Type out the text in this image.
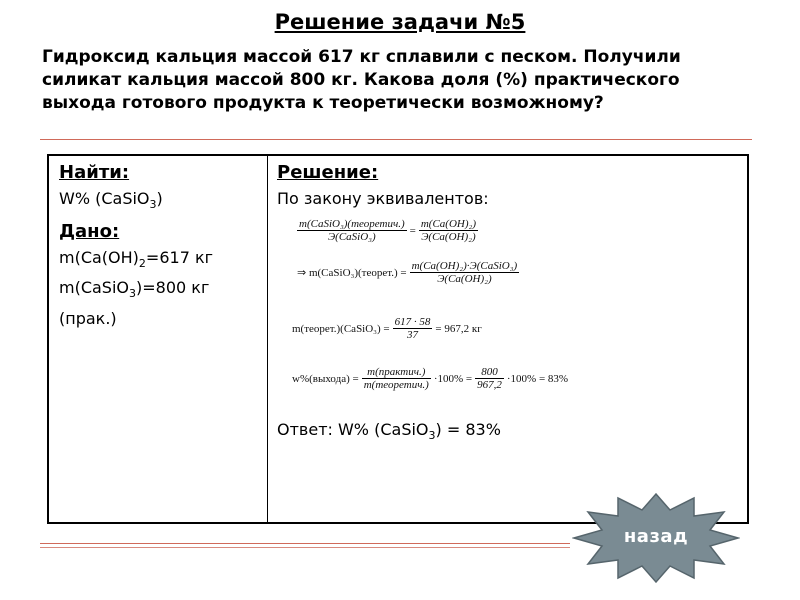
Решение задачи №5
Гидроксид кальция массой 617 кг сплавили с песком. Получили силикат кальция массой 800 кг. Какова доля (%) практического выхода готового продукта к теоретически возможному?
Найти:
W% (CaSiO$_3$)
Дано:
$m(Ca(OH)_2=617$ кг
m(CaSiO$_3$)=800 кг
(прак.)
Решение:
По закону эквивалентов:
$\frac{\text{m(CaSiO₃)(теоретич.)}}{\text{Э(CaSiO₃)}} = \frac{\text{m(Ca(OH)₂)}}{\text{Э(Ca(OH)₂)}}$
⇒ m(CaSiO₃)(теорет.) = $\frac{\text{m(Ca(OH)₂)·Э(CaSiO₃)}}{\text{Э(Ca(OH)₂)}}$
m(теорет.)(CaSiO₃) = $\frac{617 \cdot 58}{37} = 967,2$ кг
w%(выхода) = $\frac{\text{m(практич.)}}{\text{m(теоретич.)}} \cdot 100\% = \frac{800}{967,2} \cdot 100\% = 83\%$
Ответ: W% (CaSiO$_3$) = 83%
назад
